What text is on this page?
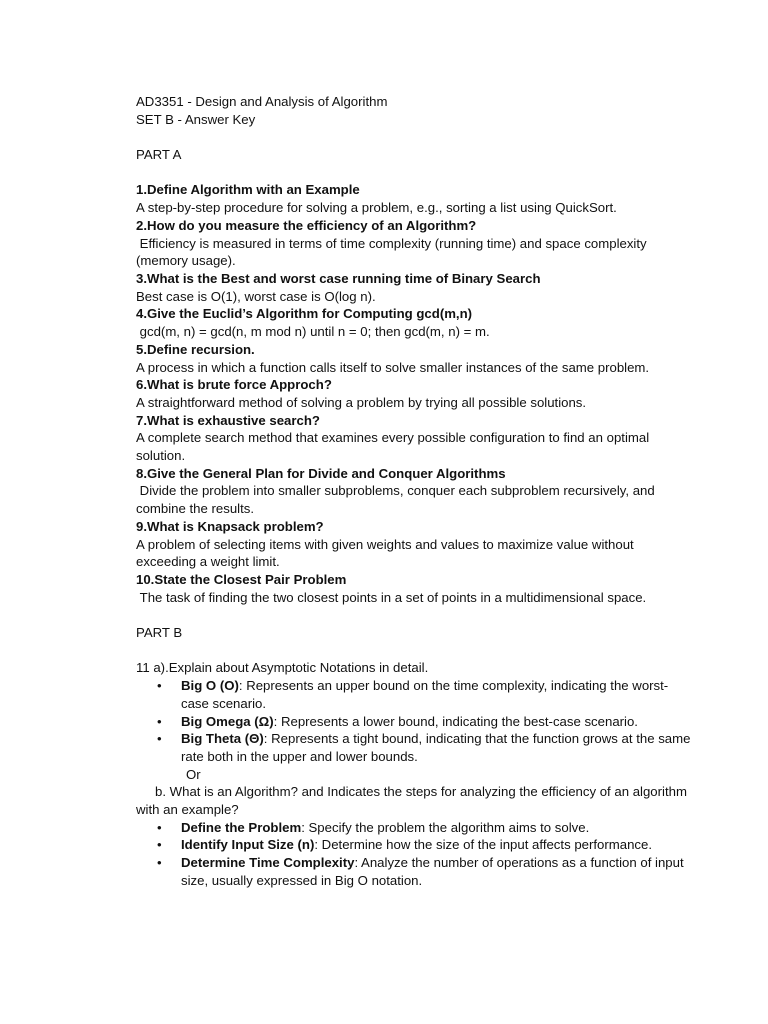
AD3351 - Design and Analysis of Algorithm
SET B - Answer Key
PART A
1.Define Algorithm with an Example
A step-by-step procedure for solving a problem, e.g., sorting a list using QuickSort.
2.How do you measure the efficiency of an Algorithm?
Efficiency is measured in terms of time complexity (running time) and space complexity (memory usage).
3.What is the Best and worst case running time of Binary Search
Best case is O(1), worst case is O(log n).
4.Give the Euclid’s Algorithm for Computing gcd(m,n)
gcd(m, n) = gcd(n, m mod n) until n = 0; then gcd(m, n) = m.
5.Define recursion.
A process in which a function calls itself to solve smaller instances of the same problem.
6.What is brute force Approch?
A straightforward method of solving a problem by trying all possible solutions.
7.What is exhaustive search?
A complete search method that examines every possible configuration to find an optimal solution.
8.Give the General Plan for Divide and Conquer Algorithms
Divide the problem into smaller subproblems, conquer each subproblem recursively, and combine the results.
9.What is Knapsack problem?
A problem of selecting items with given weights and values to maximize value without exceeding a weight limit.
10.State the Closest Pair Problem
The task of finding the two closest points in a set of points in a multidimensional space.
PART B
11 a).Explain about Asymptotic Notations in detail.
• Big O (O): Represents an upper bound on the time complexity, indicating the worst-case scenario.
• Big Omega (Ω): Represents a lower bound, indicating the best-case scenario.
• Big Theta (Θ): Represents a tight bound, indicating that the function grows at the same rate both in the upper and lower bounds.
Or
b. What is an Algorithm? and Indicates the steps for analyzing the efficiency of an algorithm with an example?
• Define the Problem: Specify the problem the algorithm aims to solve.
• Identify Input Size (n): Determine how the size of the input affects performance.
• Determine Time Complexity: Analyze the number of operations as a function of input size, usually expressed in Big O notation.
